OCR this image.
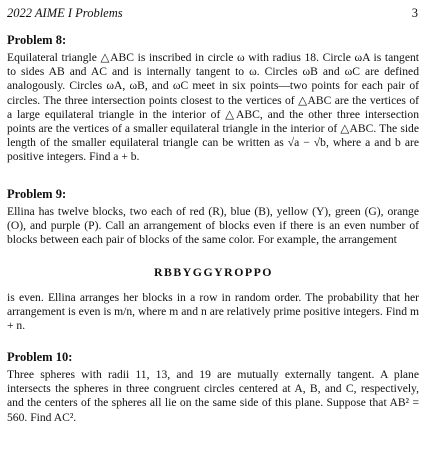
2022 AIME I Problems	3
Problem 8:
Equilateral triangle △ABC is inscribed in circle ω with radius 18. Circle ωA is tangent to sides AB and AC and is internally tangent to ω. Circles ωB and ωC are defined analogously. Circles ωA, ωB, and ωC meet in six points—two points for each pair of circles. The three intersection points closest to the vertices of △ABC are the vertices of a large equilateral triangle in the interior of △ABC, and the other three intersection points are the vertices of a smaller equilateral triangle in the interior of △ABC. The side length of the smaller equilateral triangle can be written as √a − √b, where a and b are positive integers. Find a + b.
Problem 9:
Ellina has twelve blocks, two each of red (R), blue (B), yellow (Y), green (G), orange (O), and purple (P). Call an arrangement of blocks even if there is an even number of blocks between each pair of blocks of the same color. For example, the arrangement
RBBYGGYROPPO
is even. Ellina arranges her blocks in a row in random order. The probability that her arrangement is even is m/n, where m and n are relatively prime positive integers. Find m + n.
Problem 10:
Three spheres with radii 11, 13, and 19 are mutually externally tangent. A plane intersects the spheres in three congruent circles centered at A, B, and C, respectively, and the centers of the spheres all lie on the same side of this plane. Suppose that AB² = 560. Find AC².
